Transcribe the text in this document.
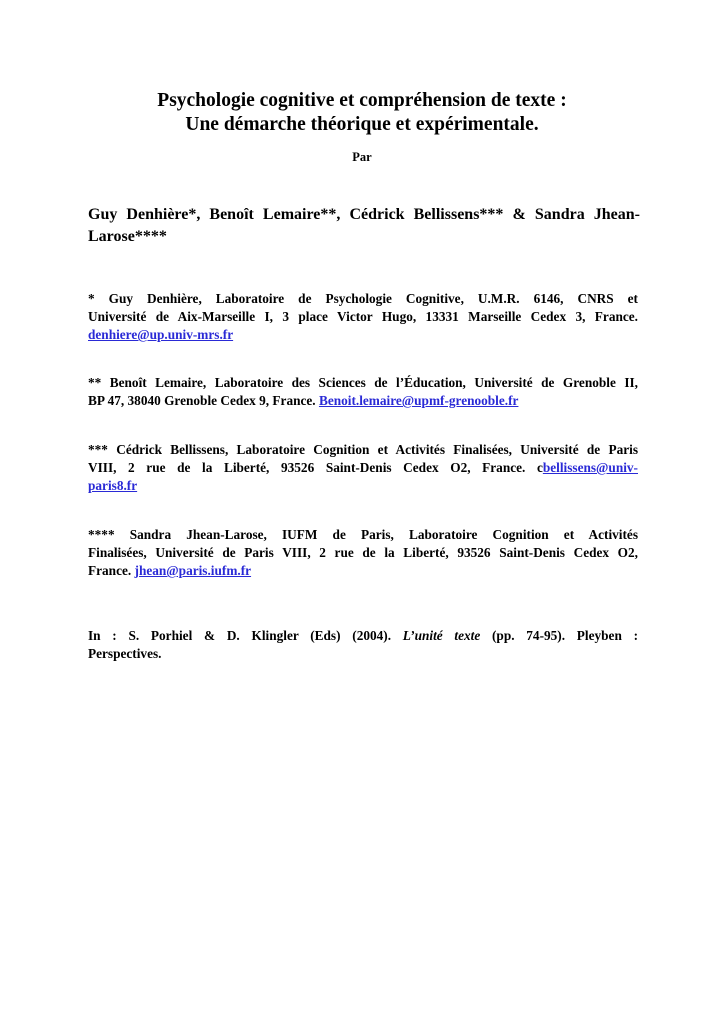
Psychologie cognitive et compréhension de texte :
Une démarche théorique et expérimentale.
Par
Guy Denhière*, Benoît Lemaire**, Cédrick Bellissens*** & Sandra Jhean-
Larose****
* Guy Denhière, Laboratoire de Psychologie Cognitive, U.M.R. 6146, CNRS et
Université de Aix-Marseille I, 3 place Victor Hugo, 13331 Marseille Cedex 3, France.
denhiere@up.univ-mrs.fr
** Benoît Lemaire, Laboratoire des Sciences de l’Éducation, Université de Grenoble II,
BP 47, 38040 Grenoble Cedex 9, France. Benoit.lemaire@upmf-grenooble.fr
*** Cédrick Bellissens, Laboratoire Cognition et Activités Finalisées, Université de Paris
VIII, 2 rue de la Liberté, 93526 Saint-Denis Cedex O2, France. cbellissens@univ-
paris8.fr
**** Sandra Jhean-Larose, IUFM de Paris, Laboratoire Cognition et Activités
Finalisées, Université de Paris VIII, 2 rue de la Liberté, 93526 Saint-Denis Cedex O2,
France. jhean@paris.iufm.fr
In : S. Porhiel & D. Klingler (Eds) (2004). L’unité texte (pp. 74-95). Pleyben :
Perspectives.
